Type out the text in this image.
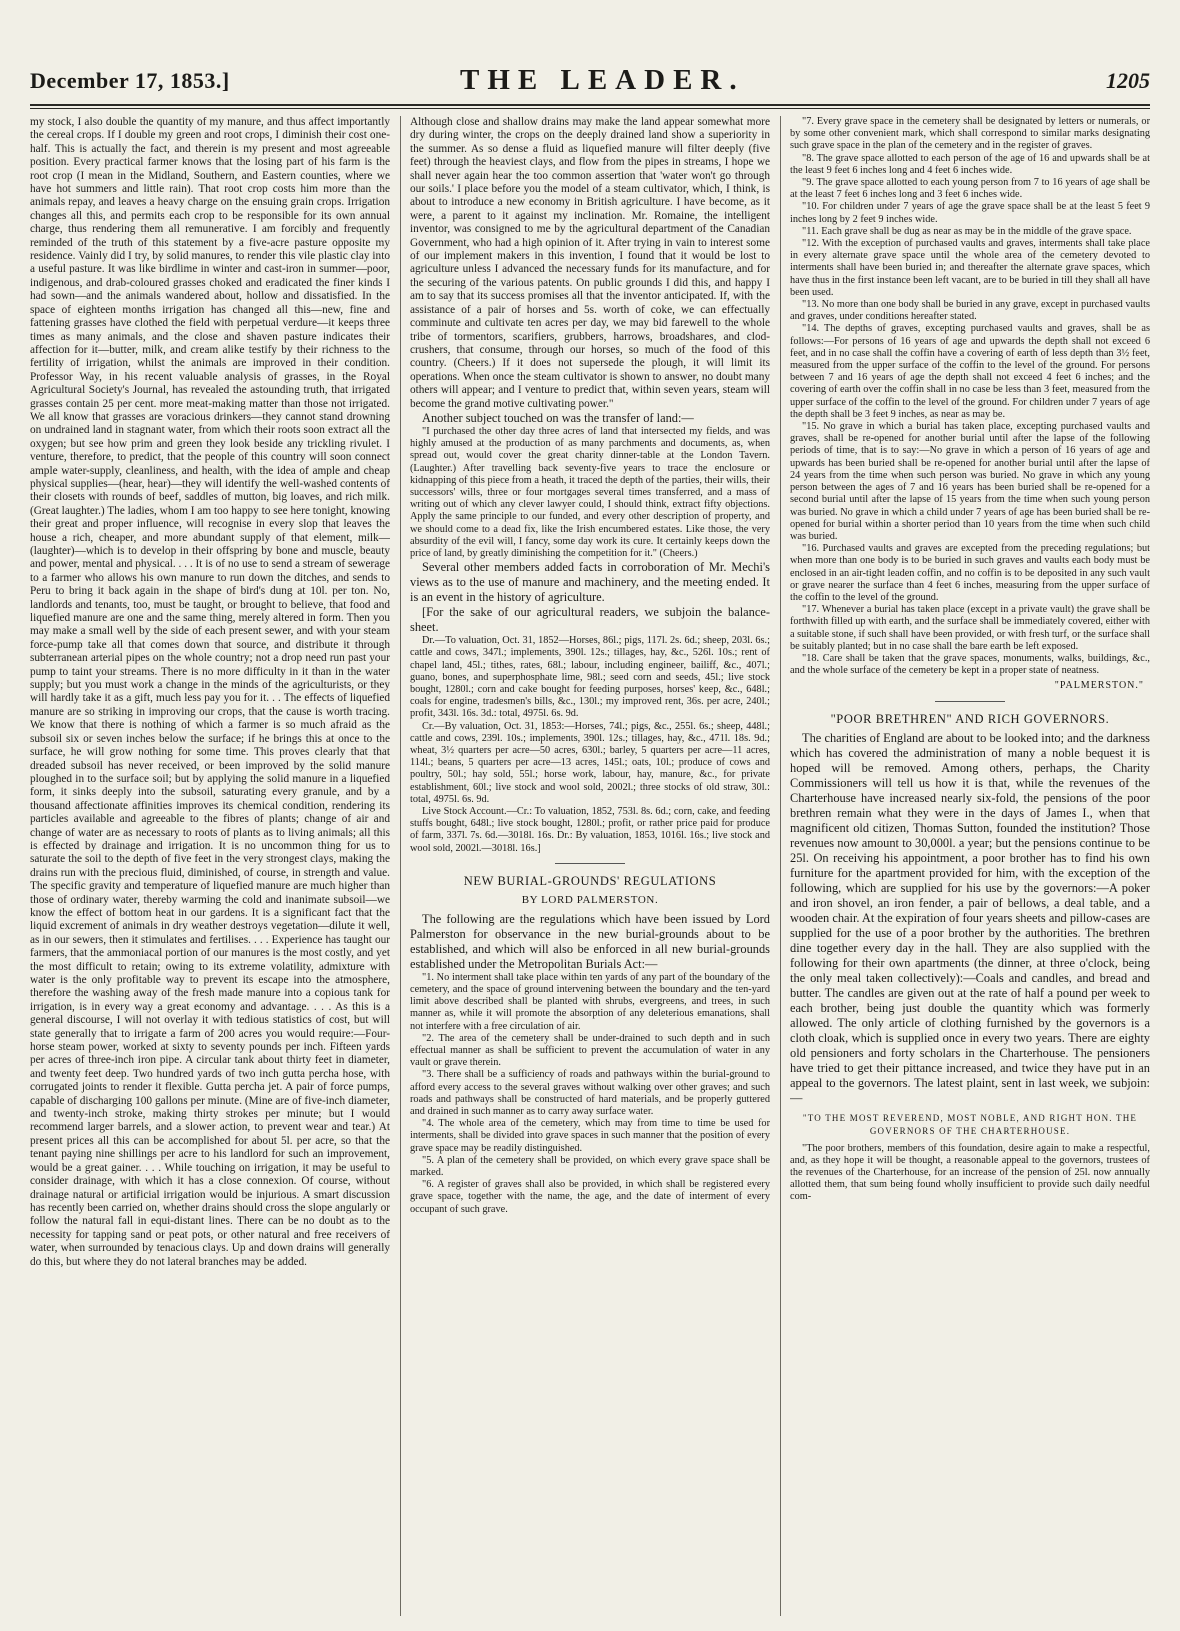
December 17, 1853.]	THE LEADER.	1205

my stock, I also double the quantity of my manure, and thus affect importantly the cereal crops. If I double my green and root crops, I diminish their cost one-half. This is actually the fact, and therein is my present and most agreeable position. Every practical farmer knows that the losing part of his farm is the root crop (I mean in the Midland, Southern, and Eastern counties, where we have hot summers and little rain). That root crop costs him more than the animals repay, and leaves a heavy charge on the ensuing grain crops. Irrigation changes all this, and permits each crop to be responsible for its own annual charge, thus rendering them all remunerative. I am forcibly and frequently reminded of the truth of this statement by a five-acre pasture opposite my residence. Vainly did I try, by solid manures, to render this vile plastic clay into a useful pasture. It was like birdlime in winter and cast-iron in summer—poor, indigenous, and drab-coloured grasses choked and eradicated the finer kinds I had sown—and the animals wandered about, hollow and dissatisfied. In the space of eighteen months irrigation has changed all this—new, fine and fattening grasses have clothed the field with perpetual verdure—it keeps three times as many animals, and the close and shaven pasture indicates their affection for it—butter, milk, and cream alike testify by their richness to the fertility of irrigation, whilst the animals are improved in their condition. Professor Way, in his recent valuable analysis of grasses, in the Royal Agricultural Society's Journal, has revealed the astounding truth, that irrigated grasses contain 25 per cent. more meat-making matter than those not irrigated. We all know that grasses are voracious drinkers—they cannot stand drowning on undrained land in stagnant water, from which their roots soon extract all the oxygen; but see how prim and green they look beside any trickling rivulet. I venture, therefore, to predict, that the people of this country will soon connect ample water-supply, cleanliness, and health, with the idea of ample and cheap physical supplies—(hear, hear)—they will identify the well-washed contents of their closets with rounds of beef, saddles of mutton, big loaves, and rich milk. (Great laughter.) The ladies, whom I am too happy to see here tonight, knowing their great and proper influence, will recognise in every slop that leaves the house a rich, cheaper, and more abundant supply of that element, milk—(laughter)—which is to develop in their offspring by bone and muscle, beauty and power, mental and physical. . . . It is of no use to send a stream of sewerage to a farmer who allows his own manure to run down the ditches, and sends to Peru to bring it back again in the shape of bird's dung at 10l. per ton. No, landlords and tenants, too, must be taught, or brought to believe, that food and liquefied manure are one and the same thing, merely altered in form. Then you may make a small well by the side of each present sewer, and with your steam force-pump take all that comes down that source, and distribute it through subterranean arterial pipes on the whole country; not a drop need run past your pump to taint your streams. There is no more difficulty in it than in the water supply; but you must work a change in the minds of the agriculturists, or they will hardly take it as a gift, much less pay you for it. . . The effects of liquefied manure are so striking in improving our crops, that the cause is worth tracing. We know that there is nothing of which a farmer is so much afraid as the subsoil six or seven inches below the surface; if he brings this at once to the surface, he will grow nothing for some time. This proves clearly that that dreaded subsoil has never received, or been improved by the solid manure ploughed in to the surface soil; but by applying the solid manure in a liquefied form, it sinks deeply into the subsoil, saturating every granule, and by a thousand affectionate affinities improves its chemical condition, rendering its particles available and agreeable to the fibres of plants; change of air and change of water are as necessary to roots of plants as to living animals; all this is effected by drainage and irrigation. It is no uncommon thing for us to saturate the soil to the depth of five feet in the very strongest clays, making the drains run with the precious fluid, diminished, of course, in strength and value. The specific gravity and temperature of liquefied manure are much higher than those of ordinary water, thereby warming the cold and inanimate subsoil—we know the effect of bottom heat in our gardens. It is a significant fact that the liquid excrement of animals in dry weather destroys vegetation—dilute it well, as in our sewers, then it stimulates and fertilises. . . . Experience has taught our farmers, that the ammoniacal portion of our manures is the most costly, and yet the most difficult to retain; owing to its extreme volatility, admixture with water is the only profitable way to prevent its escape into the atmosphere, therefore the washing away of the fresh made manure into a copious tank for irrigation, is in every way a great economy and advantage. . . . As this is a general discourse, I will not overlay it with tedious statistics of cost, but will state generally that to irrigate a farm of 200 acres you would require:—Four-horse steam power, worked at sixty to seventy pounds per inch. Fifteen yards per acres of three-inch iron pipe. A circular tank about thirty feet in diameter, and twenty feet deep. Two hundred yards of two inch gutta percha hose, with corrugated joints to render it flexible. Gutta percha jet. A pair of force pumps, capable of discharging 100 gallons per minute. (Mine are of five-inch diameter, and twenty-inch stroke, making thirty strokes per minute; but I would recommend larger barrels, and a slower action, to prevent wear and tear.) At present prices all this can be accomplished for about 5l. per acre, so that the tenant paying nine shillings per acre to his landlord for such an improvement, would be a great gainer. . . . While touching on irrigation, it may be useful to consider drainage, with which it has a close connexion. Of course, without drainage natural or artificial irrigation would be injurious. A smart discussion has recently been carried on, whether drains should cross the slope angularly or follow the natural fall in equi-distant lines. There can be no doubt as to the necessity for tapping sand or peat pots, or other natural and free receivers of water, when surrounded by tenacious clays. Up and down drains will generally do this, but where they do not lateral branches may be added.

Although close and shallow drains may make the land appear somewhat more dry during winter, the crops on the deeply drained land show a superiority in the summer. As so dense a fluid as liquefied manure will filter deeply (five feet) through the heaviest clays, and flow from the pipes in streams, I hope we shall never again hear the too common assertion that 'water won't go through our soils.' I place before you the model of a steam cultivator, which, I think, is about to introduce a new economy in British agriculture. I have become, as it were, a parent to it against my inclination. Mr. Romaine, the intelligent inventor, was consigned to me by the agricultural department of the Canadian Government, who had a high opinion of it. After trying in vain to interest some of our implement makers in this invention, I found that it would be lost to agriculture unless I advanced the necessary funds for its manufacture, and for the securing of the various patents. On public grounds I did this, and happy I am to say that its success promises all that the inventor anticipated. If, with the assistance of a pair of horses and 5s. worth of coke, we can effectually comminute and cultivate ten acres per day, we may bid farewell to the whole tribe of tormentors, scarifiers, grubbers, harrows, broadshares, and clod-crushers, that consume, through our horses, so much of the food of this country. (Cheers.) If it does not supersede the plough, it will limit its operations. When once the steam cultivator is shown to answer, no doubt many others will appear; and I venture to predict that, within seven years, steam will become the grand motive cultivating power."

Another subject touched on was the transfer of land:—

"I purchased the other day three acres of land that intersected my fields, and was highly amused at the production of as many parchments and documents, as, when spread out, would cover the great charity dinner-table at the London Tavern. (Laughter.) After travelling back seventy-five years to trace the enclosure or kidnapping of this piece from a heath, it traced the depth of the parties, their wills, their successors' wills, three or four mortgages several times transferred, and a mass of writing out of which any clever lawyer could, I should think, extract fifty objections. Apply the same principle to our funded, and every other description of property, and we should come to a dead fix, like the Irish encumbered estates. Like those, the very absurdity of the evil will, I fancy, some day work its cure. It certainly keeps down the price of land, by greatly diminishing the competition for it." (Cheers.)

Several other members added facts in corroboration of Mr. Mechi's views as to the use of manure and machinery, and the meeting ended. It is an event in the history of agriculture.

[For the sake of our agricultural readers, we subjoin the balance-sheet.

Dr.—To valuation, Oct. 31, 1852—Horses, 86l.; pigs, 117l. 2s. 6d.; sheep, 203l. 6s.; cattle and cows, 347l.; implements, 390l. 12s.; tillages, hay, &c., 526l. 10s.; rent of chapel land, 45l.; tithes, rates, 68l.; labour, including engineer, bailiff, &c., 407l.; guano, bones, and superphosphate lime, 98l.; seed corn and seeds, 45l.; live stock bought, 1280l.; corn and cake bought for feeding purposes, horses' keep, &c., 648l.; coals for engine, tradesmen's bills, &c., 130l.; my improved rent, 36s. per acre, 240l.; profit, 343l. 16s. 3d.: total, 4975l. 6s. 9d.

Cr.—By valuation, Oct. 31, 1853:—Horses, 74l.; pigs, &c., 255l. 6s.; sheep, 448l.; cattle and cows, 239l. 10s.; implements, 390l. 12s.; tillages, hay, &c., 471l. 18s. 9d.; wheat, 3½ quarters per acre—50 acres, 630l.; barley, 5 quarters per acre—11 acres, 114l.; beans, 5 quarters per acre—13 acres, 145l.; oats, 10l.; produce of cows and poultry, 50l.; hay sold, 55l.; horse work, labour, hay, manure, &c., for private establishment, 60l.; live stock and wool sold, 2002l.; three stocks of old straw, 30l.: total, 4975l. 6s. 9d.

Live Stock Account.—Cr.: To valuation, 1852, 753l. 8s. 6d.; corn, cake, and feeding stuffs bought, 648l.; live stock bought, 1280l.; profit, or rather price paid for produce of farm, 337l. 7s. 6d.—3018l. 16s. Dr.: By valuation, 1853, 1016l. 16s.; live stock and wool sold, 2002l.—3018l. 16s.]

NEW BURIAL-GROUNDS' REGULATIONS
BY LORD PALMERSTON.

The following are the regulations which have been issued by Lord Palmerston for observance in the new burial-grounds about to be established, and which will also be enforced in all new burial-grounds established under the Metropolitan Burials Act:—

"1. No interment shall take place within ten yards of any part of the boundary of the cemetery, and the space of ground intervening between the boundary and the ten-yard limit above described shall be planted with shrubs, evergreens, and trees, in such manner as, while it will promote the absorption of any deleterious emanations, shall not interfere with a free circulation of air.

"2. The area of the cemetery shall be under-drained to such depth and in such effectual manner as shall be sufficient to prevent the accumulation of water in any vault or grave therein.

"3. There shall be a sufficiency of roads and pathways within the burial-ground to afford every access to the several graves without walking over other graves; and such roads and pathways shall be constructed of hard materials, and be properly guttered and drained in such manner as to carry away surface water.

"4. The whole area of the cemetery, which may from time to time be used for interments, shall be divided into grave spaces in such manner that the position of every grave space may be readily distinguished.

"5. A plan of the cemetery shall be provided, on which every grave space shall be marked.

"6. A register of graves shall also be provided, in which shall be registered every grave space, together with the name, the age, and the date of interment of every occupant of such grave.

"7. Every grave space in the cemetery shall be designated by letters or numerals, or by some other convenient mark, which shall correspond to similar marks designating such grave space in the plan of the cemetery and in the register of graves.

"8. The grave space allotted to each person of the age of 16 and upwards shall be at the least 9 feet 6 inches long and 4 feet 6 inches wide.

"9. The grave space allotted to each young person from 7 to 16 years of age shall be at the least 7 feet 6 inches long and 3 feet 6 inches wide.

"10. For children under 7 years of age the grave space shall be at the least 5 feet 9 inches long by 2 feet 9 inches wide.

"11. Each grave shall be dug as near as may be in the middle of the grave space.

"12. With the exception of purchased vaults and graves, interments shall take place in every alternate grave space until the whole area of the cemetery devoted to interments shall have been buried in; and thereafter the alternate grave spaces, which have thus in the first instance been left vacant, are to be buried in till they shall all have been used.

"13. No more than one body shall be buried in any grave, except in purchased vaults and graves, under conditions hereafter stated.

"14. The depths of graves, excepting purchased vaults and graves, shall be as follows:—For persons of 16 years of age and upwards the depth shall not exceed 6 feet, and in no case shall the coffin have a covering of earth of less depth than 3½ feet, measured from the upper surface of the coffin to the level of the ground. For persons between 7 and 16 years of age the depth shall not exceed 4 feet 6 inches; and the covering of earth over the coffin shall in no case be less than 3 feet, measured from the upper surface of the coffin to the level of the ground. For children under 7 years of age the depth shall be 3 feet 9 inches, as near as may be.

"15. No grave in which a burial has taken place, excepting purchased vaults and graves, shall be re-opened for another burial until after the lapse of the following periods of time, that is to say:—No grave in which a person of 16 years of age and upwards has been buried shall be re-opened for another burial until after the lapse of 24 years from the time when such person was buried. No grave in which any young person between the ages of 7 and 16 years has been buried shall be re-opened for a second burial until after the lapse of 15 years from the time when such young person was buried. No grave in which a child under 7 years of age has been buried shall be re-opened for burial within a shorter period than 10 years from the time when such child was buried.

"16. Purchased vaults and graves are excepted from the preceding regulations; but when more than one body is to be buried in such graves and vaults each body must be enclosed in an air-tight leaden coffin, and no coffin is to be deposited in any such vault or grave nearer the surface than 4 feet 6 inches, measuring from the upper surface of the coffin to the level of the ground.

"17. Whenever a burial has taken place (except in a private vault) the grave shall be forthwith filled up with earth, and the surface shall be immediately covered, either with a suitable stone, if such shall have been provided, or with fresh turf, or the surface shall be suitably planted; but in no case shall the bare earth be left exposed.

"18. Care shall be taken that the grave spaces, monuments, walks, buildings, &c., and the whole surface of the cemetery be kept in a proper state of neatness.

"PALMERSTON."
"POOR BRETHREN" AND RICH GOVERNORS.

The charities of England are about to be looked into; and the darkness which has covered the administration of many a noble bequest it is hoped will be removed. Among others, perhaps, the Charity Commissioners will tell us how it is that, while the revenues of the Charterhouse have increased nearly six-fold, the pensions of the poor brethren remain what they were in the days of James I., when that magnificent old citizen, Thomas Sutton, founded the institution? Those revenues now amount to 30,000l. a year; but the pensions continue to be 25l. On receiving his appointment, a poor brother has to find his own furniture for the apartment provided for him, with the exception of the following, which are supplied for his use by the governors:—A poker and iron shovel, an iron fender, a pair of bellows, a deal table, and a wooden chair. At the expiration of four years sheets and pillow-cases are supplied for the use of a poor brother by the authorities. The brethren dine together every day in the hall. They are also supplied with the following for their own apartments (the dinner, at three o'clock, being the only meal taken collectively):—Coals and candles, and bread and butter. The candles are given out at the rate of half a pound per week to each brother, being just double the quantity which was formerly allowed. The only article of clothing furnished by the governors is a cloth cloak, which is supplied once in every two years. There are eighty old pensioners and forty scholars in the Charterhouse. The pensioners have tried to get their pittance increased, and twice they have put in an appeal to the governors. The latest plaint, sent in last week, we subjoin:—

"TO THE MOST REVEREND, MOST NOBLE, AND RIGHT HON. THE GOVERNORS OF THE CHARTERHOUSE.

"The poor brothers, members of this foundation, desire again to make a respectful, and, as they hope it will be thought, a reasonable appeal to the governors, trustees of the revenues of the Charterhouse, for an increase of the pension of 25l. now annually allotted them, that sum being found wholly insufficient to provide such daily needful com-
